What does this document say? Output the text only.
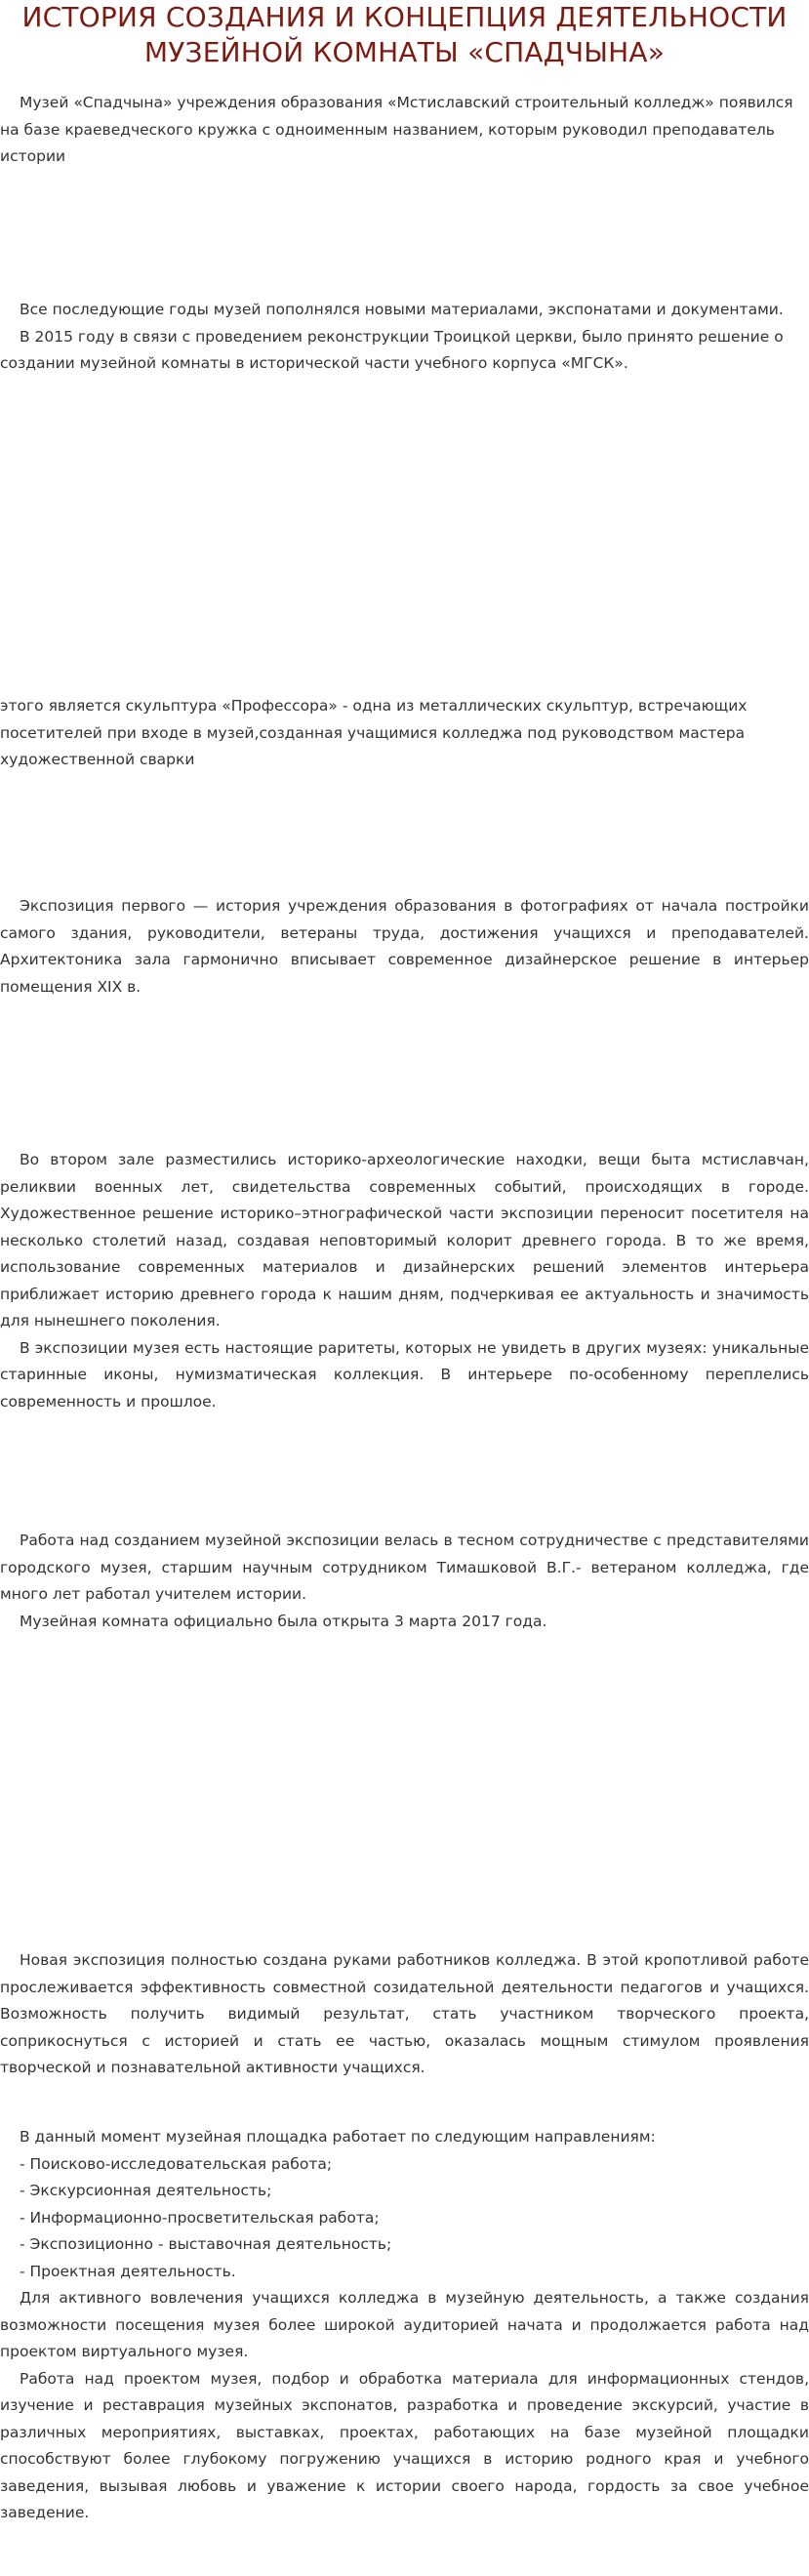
ИСТОРИЯ СОЗДАНИЯ И КОНЦЕПЦИЯ ДЕЯТЕЛЬНОСТИ
МУЗЕЙНОЙ КОМНАТЫ «СПАДЧЫНА»

Музей «Спадчына» учреждения образования «Мстиславский строительный колледж» появился на базе краеведческого кружка с одноименным названием, которым руководил преподаватель истории

Все последующие годы музей пополнялся новыми материалами, экспонатами и документами.

В 2015 году в связи с проведением реконструкции Троицкой церкви, было принято решение о создании музейной комнаты в исторической части учебного корпуса «МГСК».

этого является скульптура «Профессора» - одна из металлических скульптур, встречающих посетителей при входе в музей,созданная учащимися колледжа под руководством мастера художественной сварки

Экспозиция первого — история учреждения образования в фотографиях от начала постройки самого здания, руководители, ветераны труда, достижения учащихся и преподавателей. Архитектоника зала гармонично вписывает современное дизайнерское решение в интерьер помещения XIX в.

Во втором зале разместились историко-археологические находки, вещи быта мстиславчан, реликвии военных лет, свидетельства современных событий, происходящих в городе. Художественное решение историко–этнографической части экспозиции переносит посетителя на несколько столетий назад, создавая неповторимый колорит древнего города. В то же время, использование современных материалов и дизайнерских решений элементов интерьера приближает историю древнего города к нашим дням, подчеркивая ее актуальность и значимость для нынешнего поколения.

В экспозиции музея есть настоящие раритеты, которых не увидеть в других музеях: уникальные старинные иконы, нумизматическая коллекция. В интерьере по-особенному переплелись современность и прошлое.

Работа над созданием музейной экспозиции велась в тесном сотрудничестве с представителями городского музея, старшим научным сотрудником Тимашковой В.Г.- ветераном колледжа, где много лет работал учителем истории.

Музейная комната официально была открыта 3 марта 2017 года.

Новая экспозиция полностью создана руками работников колледжа. В этой кропотливой работе прослеживается эффективность совместной созидательной деятельности педагогов и учащихся. Возможность получить видимый результат, стать участником творческого проекта, соприкоснуться с историей и стать ее частью, оказалась мощным стимулом проявления творческой и познавательной активности учащихся.

В данный момент музейная площадка работает по следующим направлениям:

- Поисково-исследовательская работа;

- Экскурсионная деятельность;

- Информационно-просветительская работа;

- Экспозиционно - выставочная деятельность;

- Проектная деятельность.

Для активного вовлечения учащихся колледжа в музейную деятельность, а также создания возможности посещения музея более широкой аудиторией начата и продолжается работа над проектом виртуального музея.

Работа над проектом музея, подбор и обработка материала для информационных стендов, изучение и реставрация музейных экспонатов, разработка и проведение экскурсий, участие в различных мероприятиях, выставках, проектах, работающих на базе музейной площадки способствуют более глубокому погружению учащихся в историю родного края и учебного заведения, вызывая любовь и уважение к истории своего народа, гордость за свое учебное заведение.
